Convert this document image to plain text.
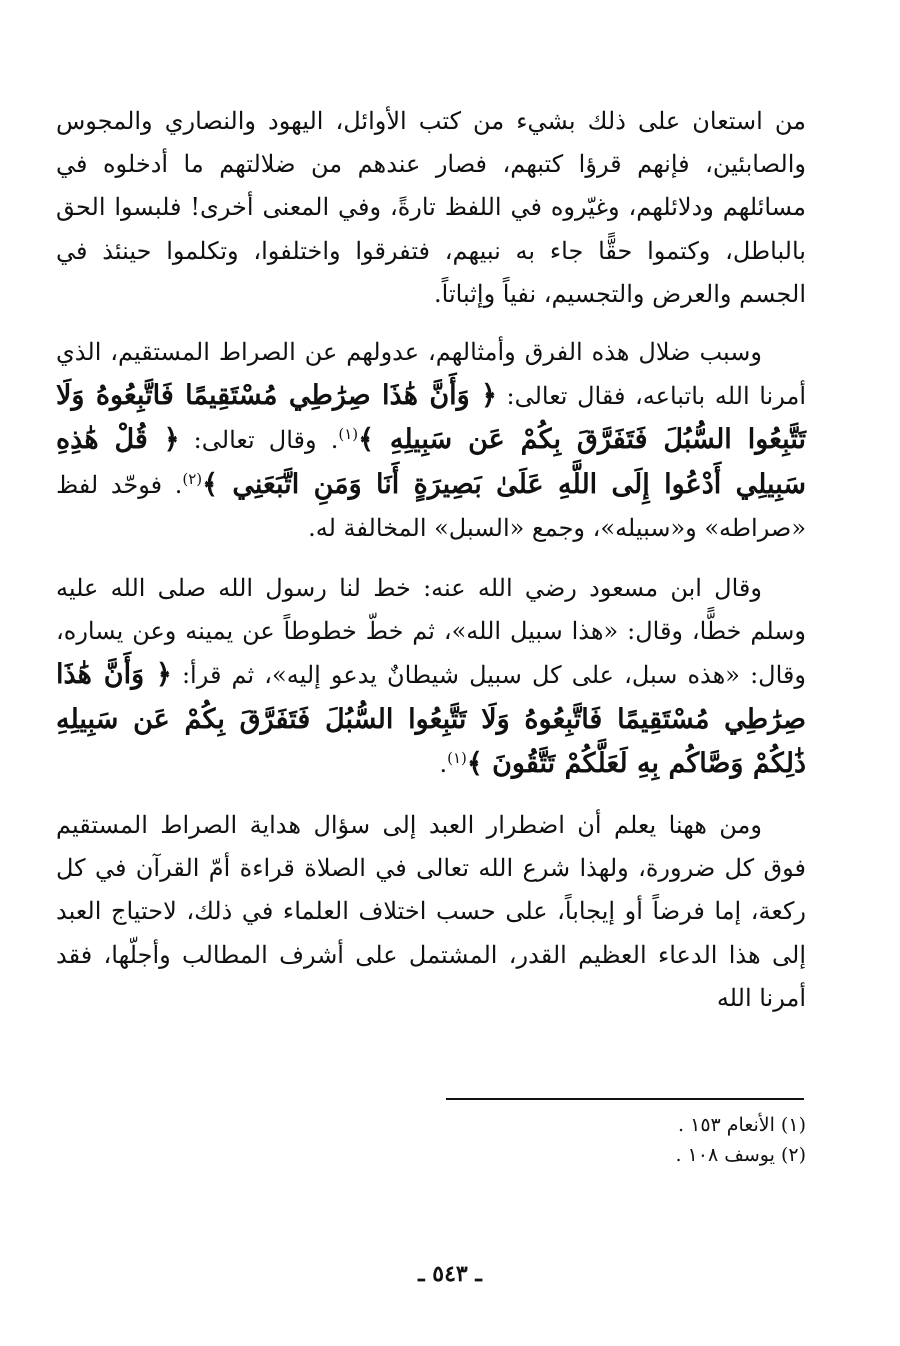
من استعان على ذلك بشيء من كتب الأوائل، اليهود والنصاري والمجوس والصابئين، فإنهم قرؤا كتبهم، فصار عندهم من ضلالتهم ما أدخلوه في مسائلهم ودلائلهم، وغيّروه في اللفظ تارةً، وفي المعنى أخرى! فلبسوا الحق بالباطل، وكتموا حقًّا جاء به نبيهم، فتفرقوا واختلفوا، وتكلموا حينئذ في الجسم والعرض والتجسيم، نفياً وإثباتاً.

وسبب ضلال هذه الفرق وأمثالهم، عدولهم عن الصراط المستقيم، الذي أمرنا الله باتباعه، فقال تعالى: ﴿ وَأَنَّ هَٰذَا صِرَٰطِي مُسْتَقِيمًا فَاتَّبِعُوهُ وَلَا تَتَّبِعُوا السُّبُلَ فَتَفَرَّقَ بِكُمْ عَن سَبِيلِهِ ﴾$^{(١)}$. وقال تعالى: ﴿ قُلْ هَٰذِهِ سَبِيلِي أَدْعُوا إِلَى اللَّهِ عَلَىٰ بَصِيرَةٍ أَنَا وَمَنِ اتَّبَعَنِي ﴾$^{(٢)}$. فوحّد لفظ «صراطه» و«سبيله»، وجمع «السبل» المخالفة له.

وقال ابن مسعود رضي الله عنه: خط لنا رسول الله صلى الله عليه وسلم خطًّا، وقال: «هذا سبيل الله»، ثم خطّ خطوطاً عن يمينه وعن يساره، وقال: «هذه سبل، على كل سبيل شيطانٌ يدعو إليه»، ثم قرأ: ﴿ وَأَنَّ هَٰذَا صِرَٰطِي مُسْتَقِيمًا فَاتَّبِعُوهُ وَلَا تَتَّبِعُوا السُّبُلَ فَتَفَرَّقَ بِكُمْ عَن سَبِيلِهِ ذَٰلِكُمْ وَصَّاكُم بِهِ لَعَلَّكُمْ تَتَّقُونَ ﴾$^{(١)}$.

ومن ههنا يعلم أن اضطرار العبد إلى سؤال هداية الصراط المستقيم فوق كل ضرورة، ولهذا شرع الله تعالى في الصلاة قراءة أمّ القرآن في كل ركعة، إما فرضاً أو إيجاباً، على حسب اختلاف العلماء في ذلك، لاحتياج العبد إلى هذا الدعاء العظيم القدر، المشتمل على أشرف المطالب وأجلّها، فقد أمرنا الله

(١) الأنعام ١٥٣ .
(٢) يوسف ١٠٨ .
ـ ٥٤٣ ـ
